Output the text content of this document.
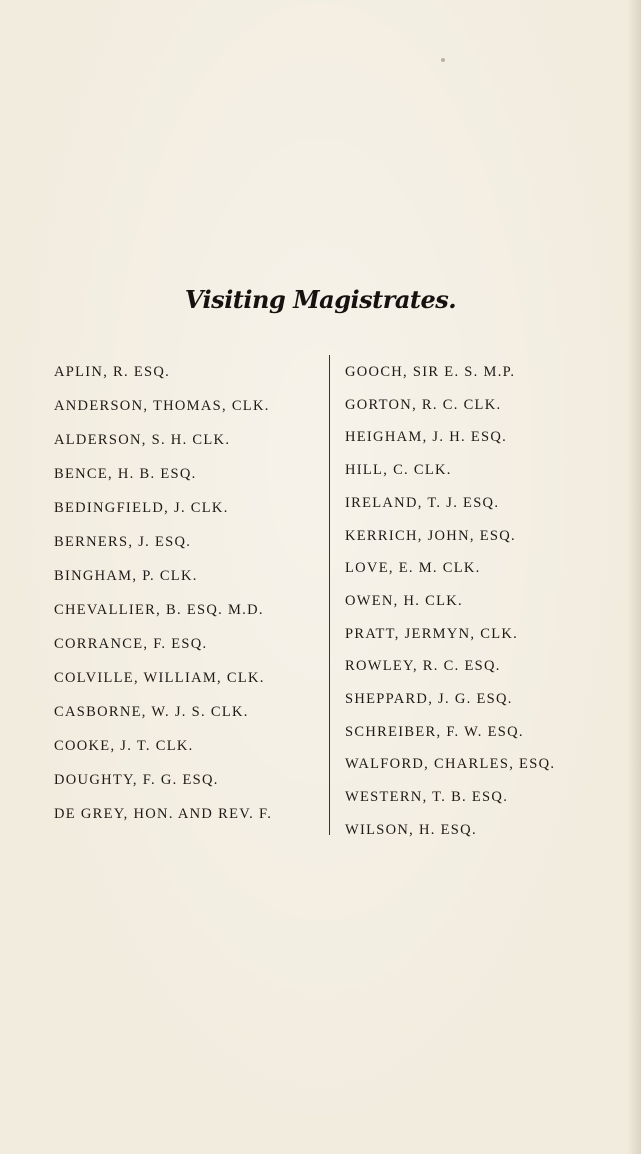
Visiting Magistrates.
APLIN, R. ESQ.
ANDERSON, THOMAS, CLK.
ALDERSON, S. H. CLK.
BENCE, H. B. ESQ.
BEDINGFIELD, J. CLK.
BERNERS, J. ESQ.
BINGHAM, P. CLK.
CHEVALLIER, B. ESQ. M.D.
CORRANCE, F. ESQ.
COLVILLE, WILLIAM, CLK.
CASBORNE, W. J. S. CLK.
COOKE, J. T. CLK.
DOUGHTY, F. G. ESQ.
DE GREY, HON. AND REV. F.
GOOCH, SIR E. S. M.P.
GORTON, R. C. CLK.
HEIGHAM, J. H. ESQ.
HILL, C. CLK.
IRELAND, T. J. ESQ.
KERRICH, JOHN, ESQ.
LOVE, E. M. CLK.
OWEN, H. CLK.
PRATT, JERMYN, CLK.
ROWLEY, R. C. ESQ.
SHEPPARD, J. G. ESQ.
SCHREIBER, F. W. ESQ.
WALFORD, CHARLES, ESQ.
WESTERN, T. B. ESQ.
WILSON, H. ESQ.
